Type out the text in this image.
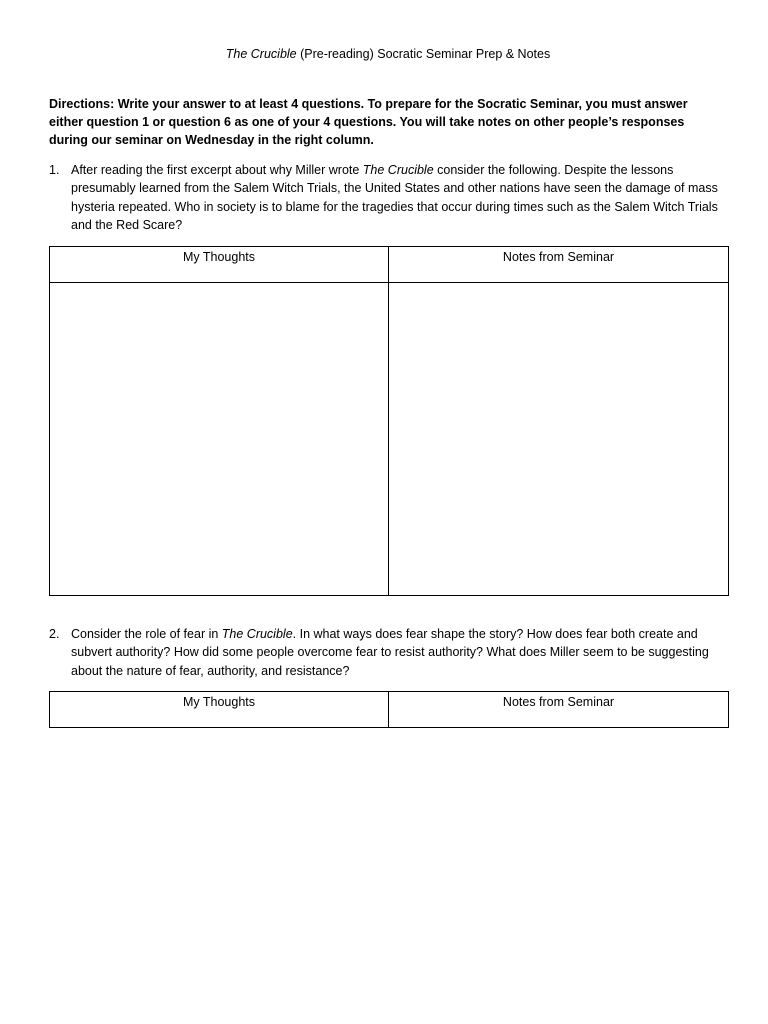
The Crucible (Pre-reading) Socratic Seminar Prep & Notes
Directions: Write your answer to at least 4 questions. To prepare for the Socratic Seminar, you must answer either question 1 or question 6 as one of your 4 questions. You will take notes on other people’s responses during our seminar on Wednesday in the right column.
1. After reading the first excerpt about why Miller wrote The Crucible consider the following. Despite the lessons presumably learned from the Salem Witch Trials, the United States and other nations have seen the damage of mass hysteria repeated. Who in society is to blame for the tragedies that occur during times such as the Salem Witch Trials and the Red Scare?
My Thoughts	Notes from Seminar

2. Consider the role of fear in The Crucible. In what ways does fear shape the story? How does fear both create and subvert authority? How did some people overcome fear to resist authority? What does Miller seem to be suggesting about the nature of fear, authority, and resistance?
My Thoughts	Notes from Seminar
